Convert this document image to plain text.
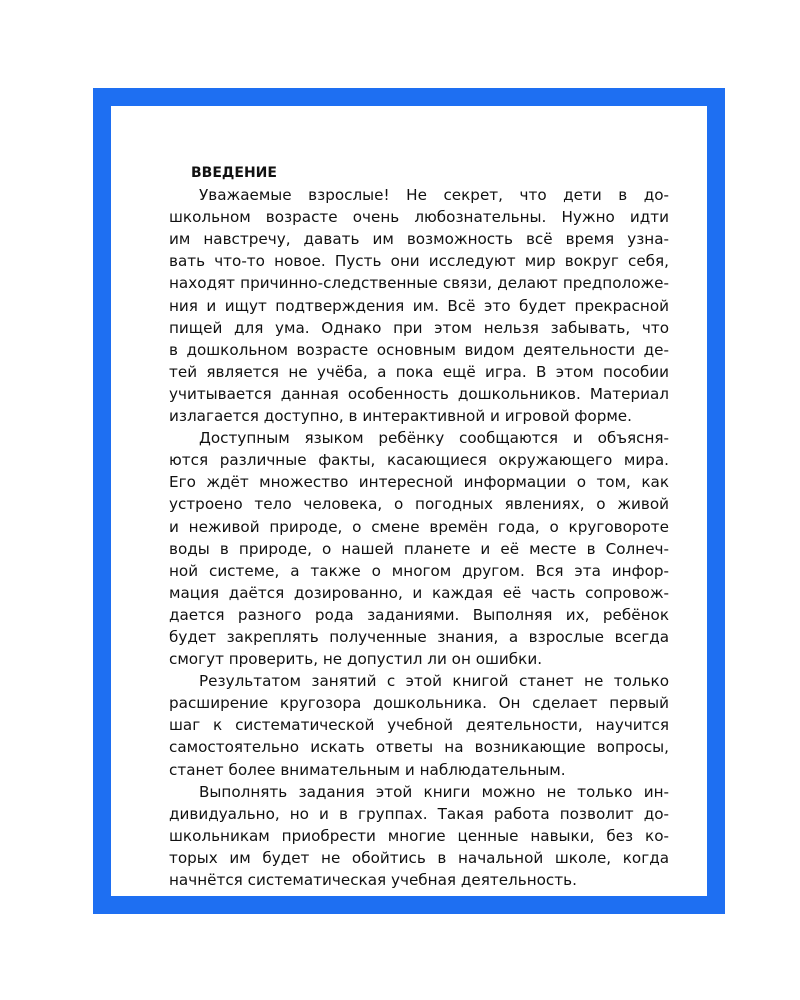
ВВЕДЕНИЕ
Уважаемые взрослые! Не секрет, что дети в до-
школьном возрасте очень любознательны. Нужно идти
им навстречу, давать им возможность всё время узна-
вать что-то новое. Пусть они исследуют мир вокруг себя,
находят причинно-следственные связи, делают предположе-
ния и ищут подтверждения им. Всё это будет прекрасной
пищей для ума. Однако при этом нельзя забывать, что
в дошкольном возрасте основным видом деятельности де-
тей является не учёба, а пока ещё игра. В этом пособии
учитывается данная особенность дошкольников. Материал
излагается доступно, в интерактивной и игровой форме.
Доступным языком ребёнку сообщаются и объясня-
ются различные факты, касающиеся окружающего мира.
Его ждёт множество интересной информации о том, как
устроено тело человека, о погодных явлениях, о живой
и неживой природе, о смене времён года, о круговороте
воды в природе, о нашей планете и её месте в Солнеч-
ной системе, а также о многом другом. Вся эта инфор-
мация даётся дозированно, и каждая её часть сопровож-
дается разного рода заданиями. Выполняя их, ребёнок
будет закреплять полученные знания, а взрослые всегда
смогут проверить, не допустил ли он ошибки.
Результатом занятий с этой книгой станет не только
расширение кругозора дошкольника. Он сделает первый
шаг к систематической учебной деятельности, научится
самостоятельно искать ответы на возникающие вопросы,
станет более внимательным и наблюдательным.
Выполнять задания этой книги можно не только ин-
дивидуально, но и в группах. Такая работа позволит до-
школьникам приобрести многие ценные навыки, без ко-
торых им будет не обойтись в начальной школе, когда
начнётся систематическая учебная деятельность.
